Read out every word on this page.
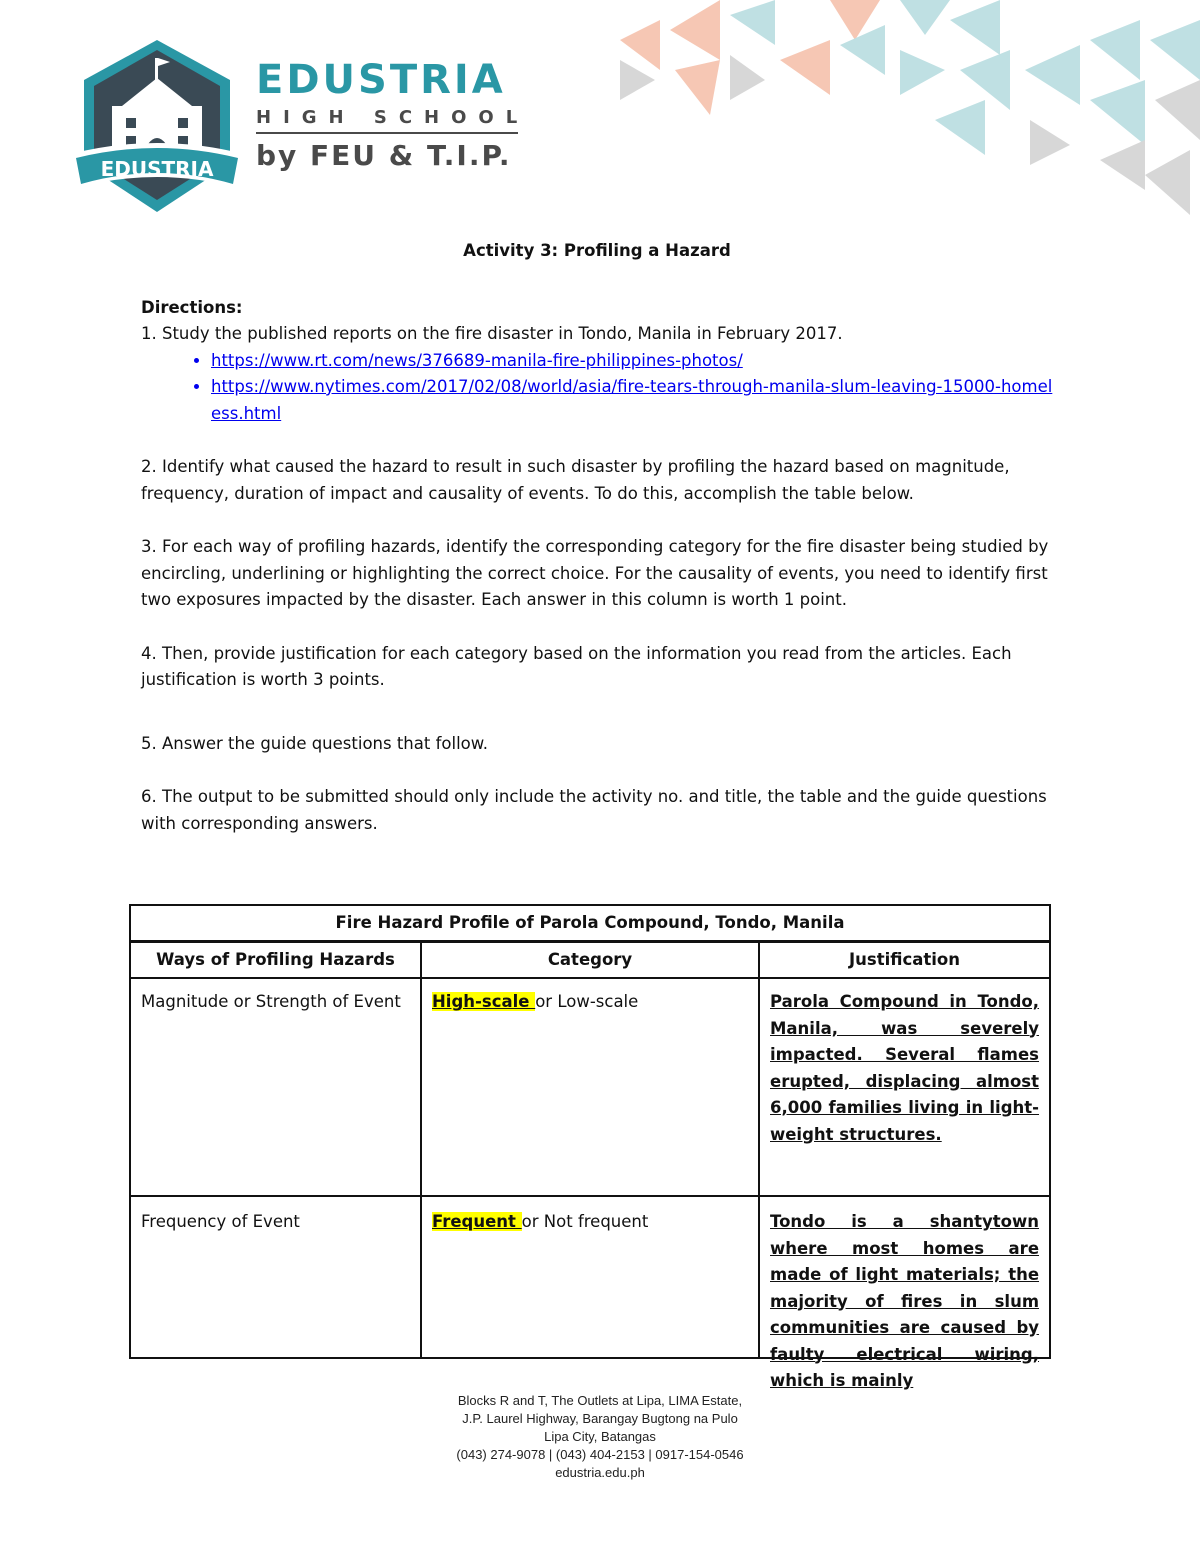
EDUSTRIA
EDUSTRIA
HIGH SCHOOL
by FEU & T.I.P.

Activity 3: Profiling a Hazard

Directions:

1. Study the published reports on the fire disaster in Tondo, Manila in February 2017.

• https://www.rt.com/news/376689-manila-fire-philippines-photos/
• https://www.nytimes.com/2017/02/08/world/asia/fire-tears-through-manila-slum-leaving-15000-homeless.html

2. Identify what caused the hazard to result in such disaster by profiling the hazard based on magnitude, frequency, duration of impact and causality of events. To do this, accomplish the table below.

3. For each way of profiling hazards, identify the corresponding category for the fire disaster being studied by encircling, underlining or highlighting the correct choice. For the causality of events, you need to identify first two exposures impacted by the disaster. Each answer in this column is worth 1 point.

4. Then, provide justification for each category based on the information you read from the articles. Each justification is worth 3 points.

5. Answer the guide questions that follow.

6. The output to be submitted should only include the activity no. and title, the table and the guide questions with corresponding answers.

Fire Hazard Profile of Parola Compound, Tondo, Manila		
Ways of Profiling Hazards	Category	Justification
Magnitude or Strength of Event	High-scale or Low-scale	Parola Compound in Tondo, Manila, was severely impacted. Several flames erupted, displacing almost 6,000 families living in light-weight structures.
Frequency of Event	Frequent or Not frequent	Tondo is a shantytown where most homes are made of light materials; the majority of fires in slum communities are caused by faulty electrical wiring, which is mainly
Blocks R and T, The Outlets at Lipa, LIMA Estate,
J.P. Laurel Highway, Barangay Bugtong na Pulo
Lipa City, Batangas
(043) 274-9078 | (043) 404-2153 | 0917-154-0546
edustria.edu.ph
